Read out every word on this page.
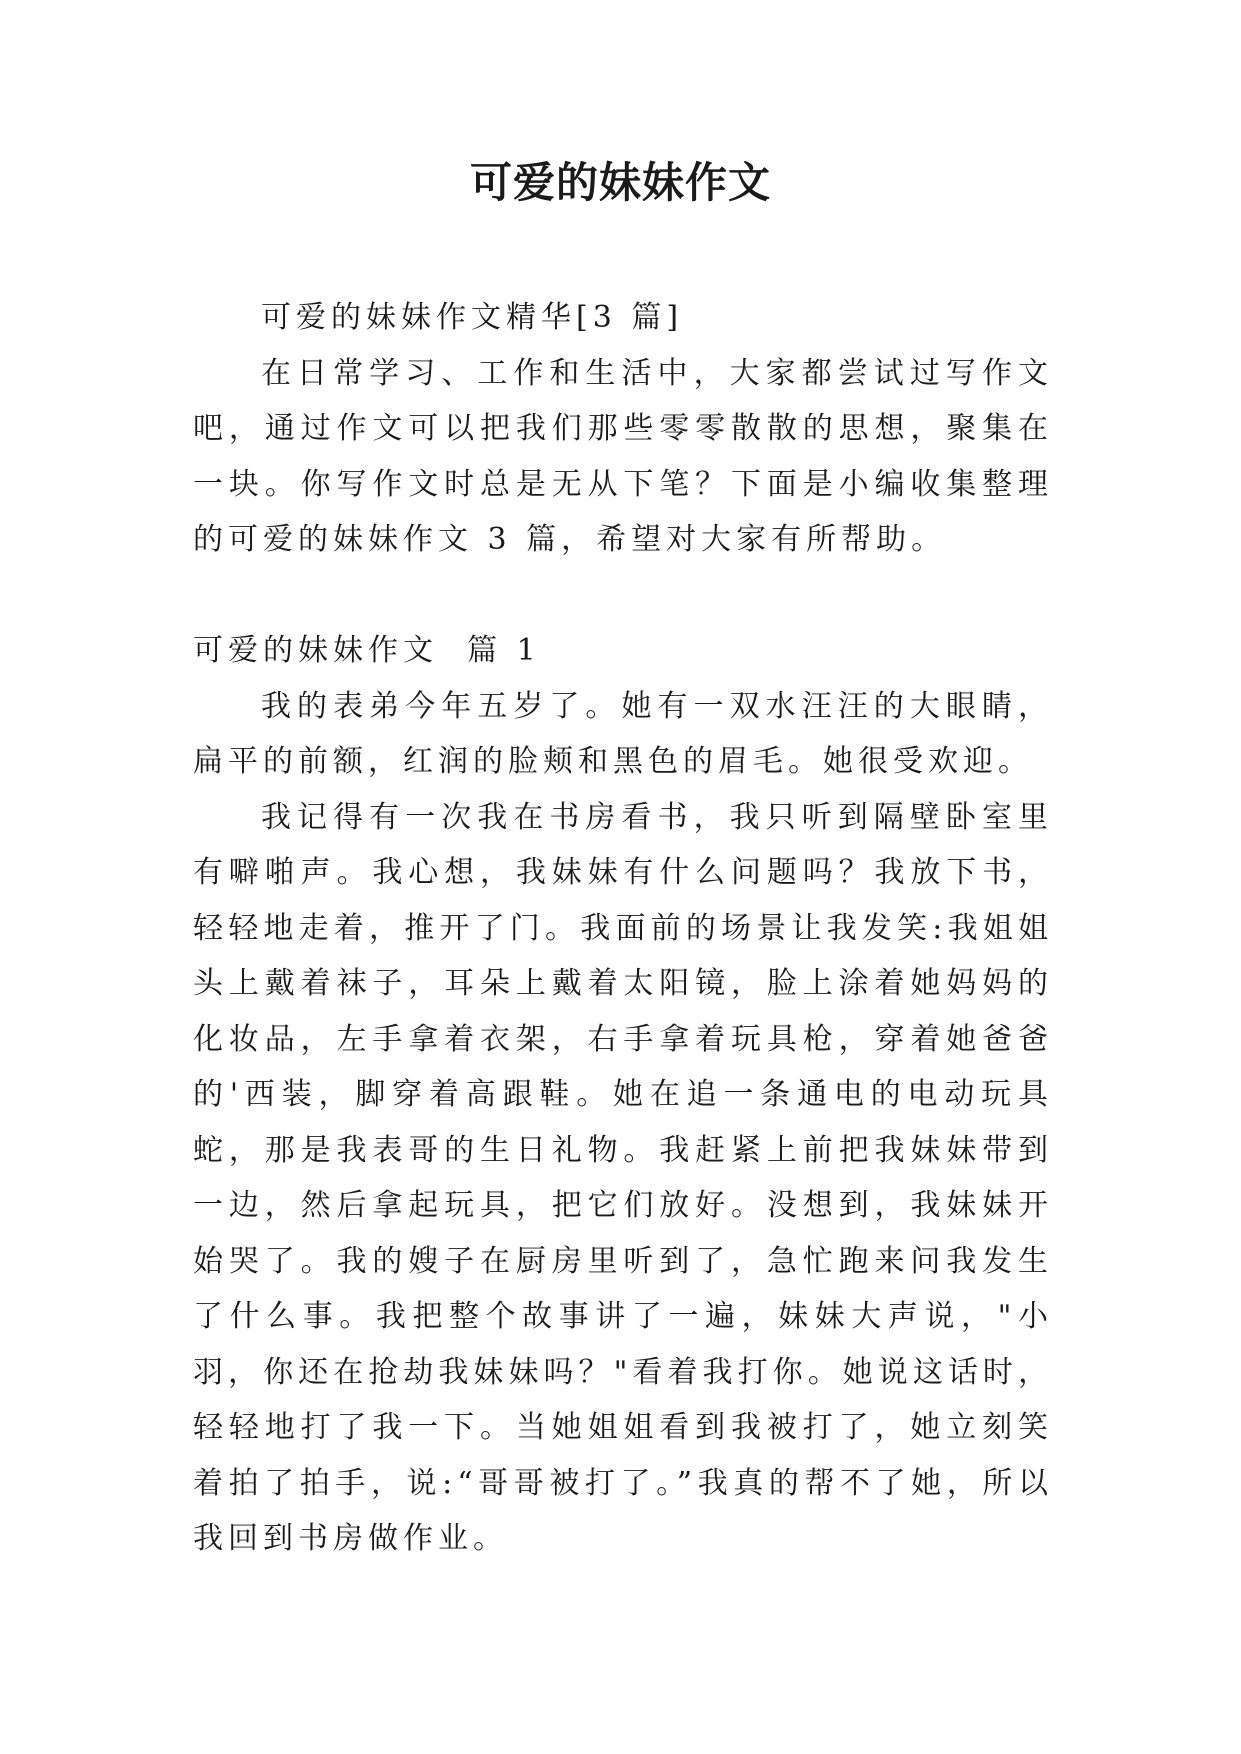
可爱的妹妹作文

可爱的妹妹作文精华[3 篇]

在日常学习、工作和生活中，大家都尝试过写作文吧，通过作文可以把我们那些零零散散的思想，聚集在一块。你写作文时总是无从下笔？下面是小编收集整理的可爱的妹妹作文 3 篇，希望对大家有所帮助。

可爱的妹妹作文  篇 1

我的表弟今年五岁了。她有一双水汪汪的大眼睛，扁平的前额，红润的脸颊和黑色的眉毛。她很受欢迎。

我记得有一次我在书房看书，我只听到隔壁卧室里有噼啪声。我心想，我妹妹有什么问题吗？我放下书，轻轻地走着，推开了门。我面前的场景让我发笑:我姐姐头上戴着袜子，耳朵上戴着太阳镜，脸上涂着她妈妈的化妆品，左手拿着衣架，右手拿着玩具枪，穿着她爸爸的'西装，脚穿着高跟鞋。她在追一条通电的电动玩具蛇，那是我表哥的生日礼物。我赶紧上前把我妹妹带到一边，然后拿起玩具，把它们放好。没想到，我妹妹开始哭了。我的嫂子在厨房里听到了，急忙跑来问我发生了什么事。我把整个故事讲了一遍，妹妹大声说，"小羽，你还在抢劫我妹妹吗？"看着我打你。她说这话时，轻轻地打了我一下。当她姐姐看到我被打了，她立刻笑着拍了拍手，说:“哥哥被打了。”我真的帮不了她，所以我回到书房做作业。
